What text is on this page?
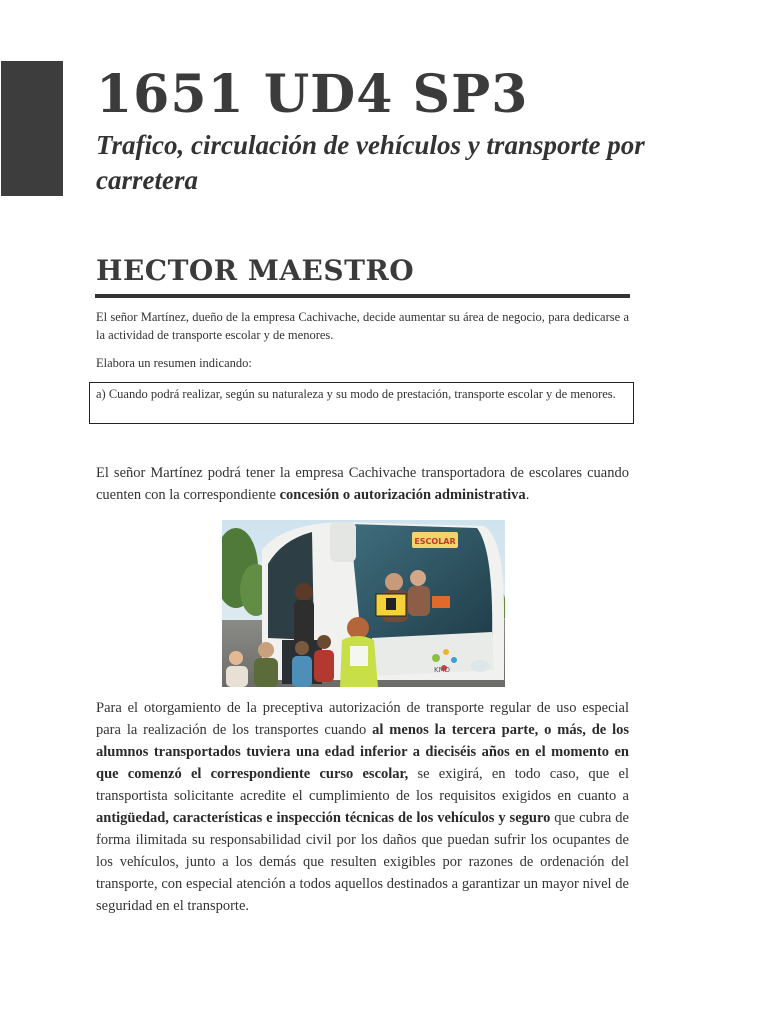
1651 UD4 SP3
Trafico, circulación de vehículos y transporte por carretera
HECTOR MAESTRO

El señor Martínez, dueño de la empresa Cachivache, decide aumentar su área de negocio, para dedicarse a la actividad de transporte escolar y de menores.

Elabora un resumen indicando:

a) Cuando podrá realizar, según su naturaleza y su modo de prestación, transporte escolar y de menores.

El señor Martínez podrá tener la empresa Cachivache transportadora de escolares cuando cuenten con la correspondiente concesión o autorización administrativa.

ESCOLAR
KMD

Para el otorgamiento de la preceptiva autorización de transporte regular de uso especial para la realización de los transportes cuando al menos la tercera parte, o más, de los alumnos transportados tuviera una edad inferior a dieciséis años en el momento en que comenzó el correspondiente curso escolar, se exigirá, en todo caso, que el transportista solicitante acredite el cumplimiento de los requisitos exigidos en cuanto a antigüedad, características e inspección técnicas de los vehículos y seguro que cubra de forma ilimitada su responsabilidad civil por los daños que puedan sufrir los ocupantes de los vehículos, junto a los demás que resulten exigibles por razones de ordenación del transporte, con especial atención a todos aquellos destinados a garantizar un mayor nivel de seguridad en el transporte.
